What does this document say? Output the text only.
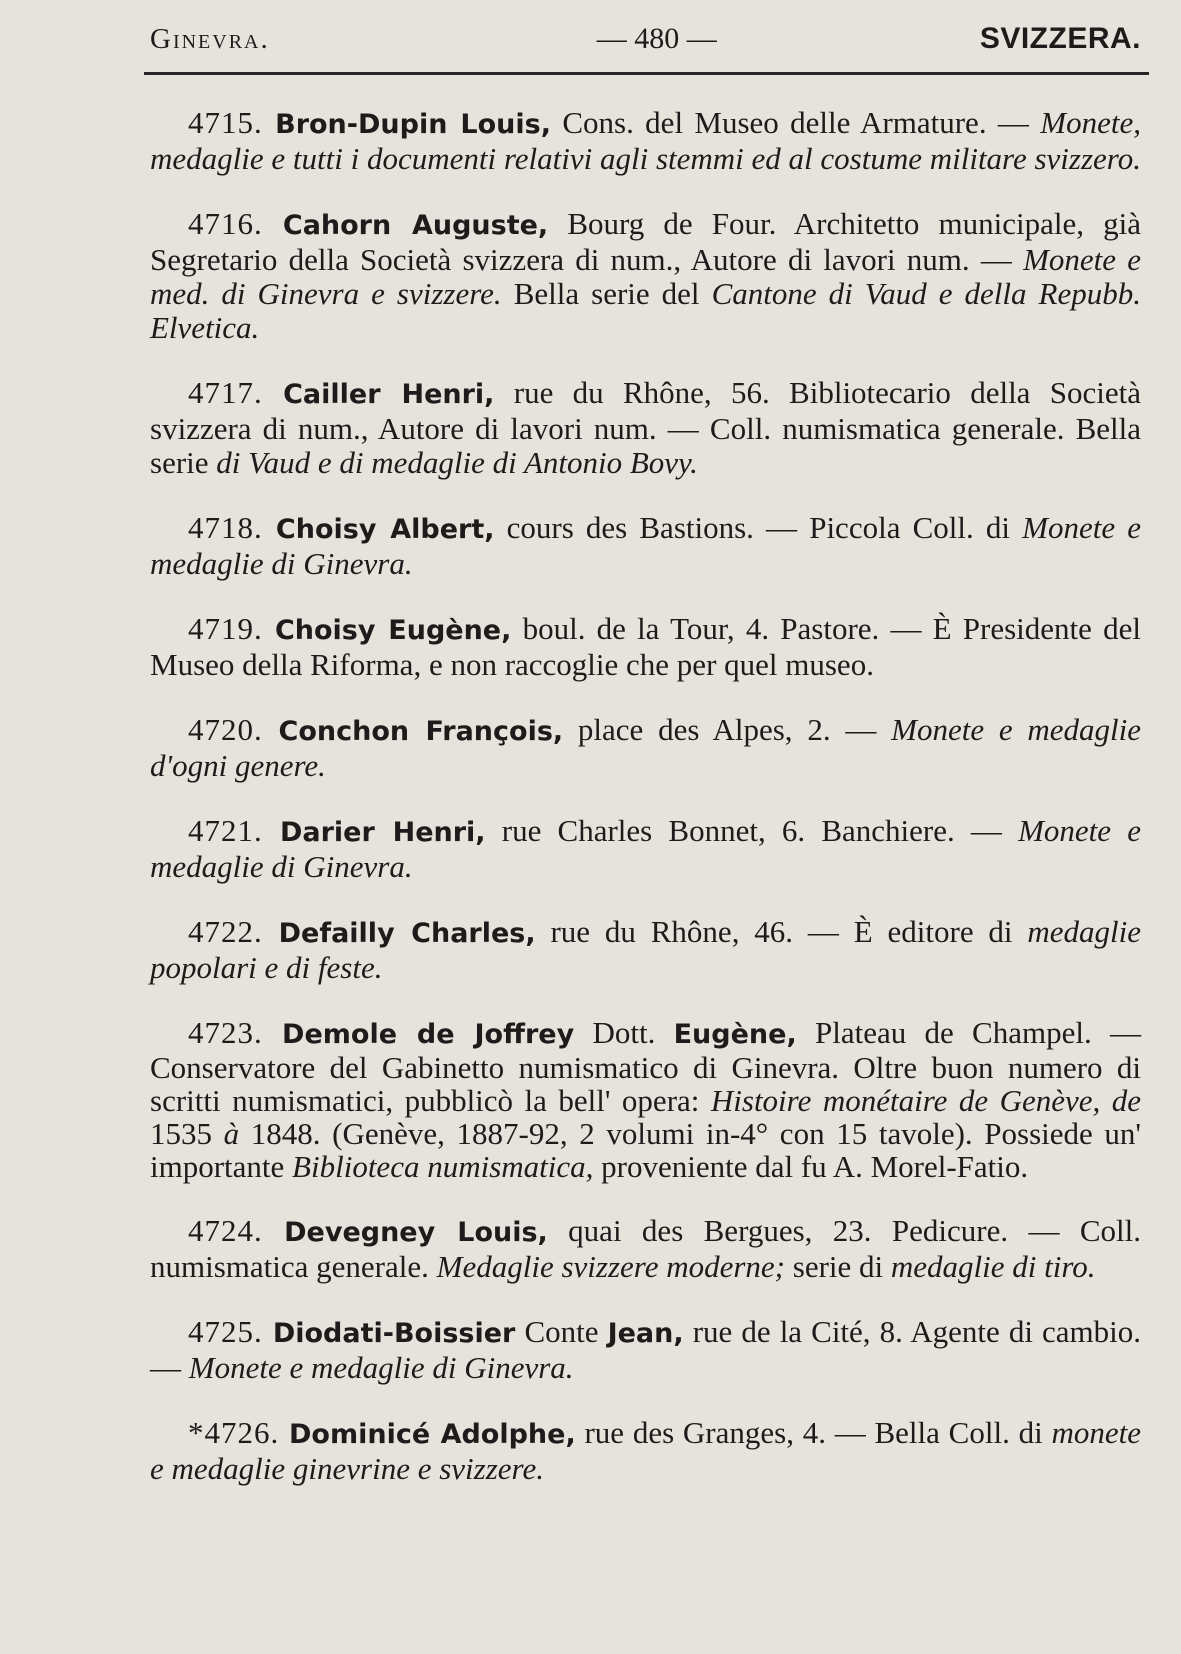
Ginevra.	— 480 —	SVIZZERA.

4715. Bron-Dupin Louis, Cons. del Museo delle Armature. — Monete, medaglie e tutti i documenti relativi agli stemmi ed al costume militare svizzero.

4716. Cahorn Auguste, Bourg de Four. Architetto municipale, già Segretario della Società svizzera di num., Autore di lavori num. — Monete e med. di Ginevra e svizzere. Bella serie del Cantone di Vaud e della Repubb. Elvetica.

4717. Cailler Henri, rue du Rhône, 56. Bibliotecario della Società svizzera di num., Autore di lavori num. — Coll. numismatica generale. Bella serie di Vaud e di medaglie di Antonio Bovy.

4718. Choisy Albert, cours des Bastions. — Piccola Coll. di Monete e medaglie di Ginevra.

4719. Choisy Eugène, boul. de la Tour, 4. Pastore. — È Presidente del Museo della Riforma, e non raccoglie che per quel museo.

4720. Conchon François, place des Alpes, 2. — Monete e medaglie d'ogni genere.

4721. Darier Henri, rue Charles Bonnet, 6. Banchiere. — Monete e medaglie di Ginevra.

4722. Defailly Charles, rue du Rhône, 46. — È editore di medaglie popolari e di feste.

4723. Demole de Joffrey Dott. Eugène, Plateau de Champel. — Conservatore del Gabinetto numismatico di Ginevra. Oltre buon numero di scritti numismatici, pubblicò la bell' opera: Histoire monétaire de Genève, de 1535 à 1848. (Genève, 1887-92, 2 volumi in-4° con 15 tavole). Possiede un' importante Biblioteca numismatica, proveniente dal fu A. Morel-Fatio.

4724. Devegney Louis, quai des Bergues, 23. Pedicure. — Coll. numismatica generale. Medaglie svizzere moderne; serie di medaglie di tiro.

4725. Diodati-Boissier Conte Jean, rue de la Cité, 8. Agente di cambio. — Monete e medaglie di Ginevra.

*4726. Dominicé Adolphe, rue des Granges, 4. — Bella Coll. di monete e medaglie ginevrine e svizzere.
